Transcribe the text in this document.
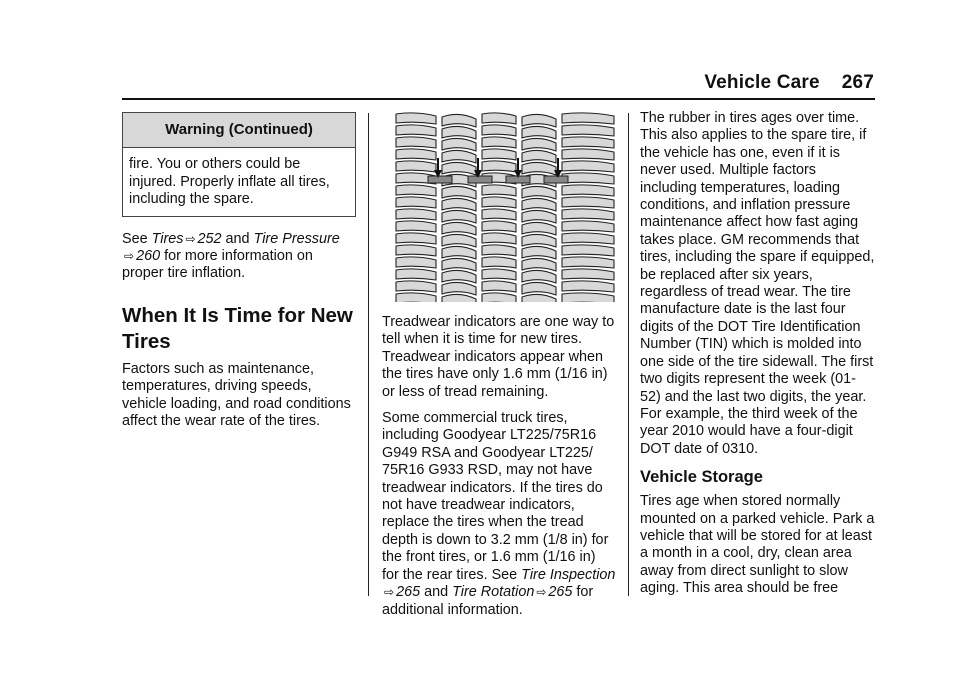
Vehicle Care 267
Warning (Continued)
fire. You or others could be injured. Properly inflate all tires, including the spare.

See Tires ⇨ 252 and Tire Pressure ⇨ 260 for more information on proper tire inflation.

When It Is Time for New Tires

Factors such as maintenance, temperatures, driving speeds, vehicle loading, and road conditions affect the wear rate of the tires.

Treadwear indicators are one way to tell when it is time for new tires. Treadwear indicators appear when the tires have only 1.6 mm (1/16 in) or less of tread remaining.

Some commercial truck tires, including Goodyear LT225/75R16 G949 RSA and Goodyear LT225/ 75R16 G933 RSD, may not have treadwear indicators. If the tires do not have treadwear indicators, replace the tires when the tread depth is down to 3.2 mm (1/8 in) for the front tires, or 1.6 mm (1/16 in) for the rear tires. See Tire Inspection ⇨ 265 and Tire Rotation ⇨ 265 for additional information.

The rubber in tires ages over time. This also applies to the spare tire, if the vehicle has one, even if it is never used. Multiple factors including temperatures, loading conditions, and inflation pressure maintenance affect how fast aging takes place. GM recommends that tires, including the spare if equipped, be replaced after six years, regardless of tread wear. The tire manufacture date is the last four digits of the DOT Tire Identification Number (TIN) which is molded into one side of the tire sidewall. The first two digits represent the week (01-52) and the last two digits, the year. For example, the third week of the year 2010 would have a four-digit DOT date of 0310.

Vehicle Storage

Tires age when stored normally mounted on a parked vehicle. Park a vehicle that will be stored for at least a month in a cool, dry, clean area away from direct sunlight to slow aging. This area should be free
